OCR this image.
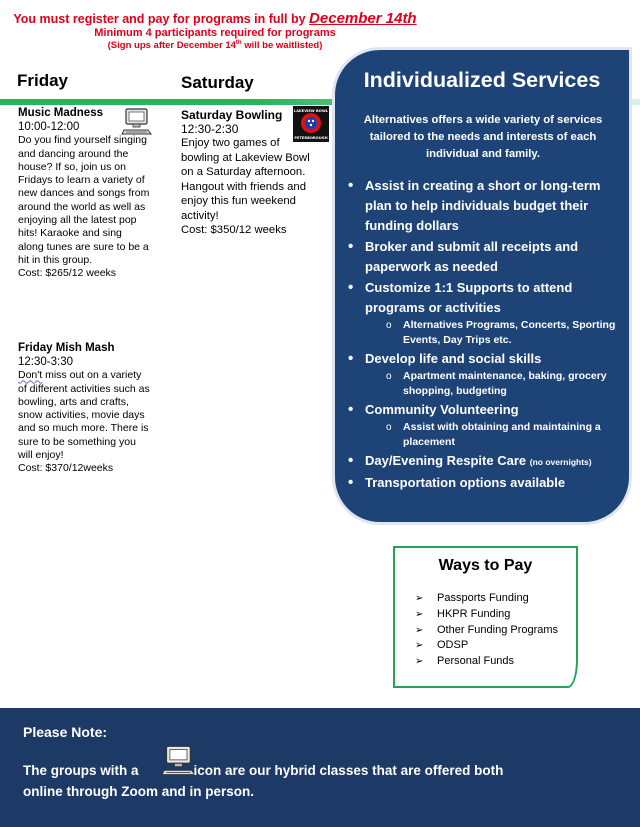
You must register and pay for programs in full by December 14th
Minimum 4 participants required for programs
(Sign ups after December 14th will be waitlisted)
Friday	Saturday
Music Madness
10:00-12:00
Do you find yourself singing and dancing around the house? If so, join us on Fridays to learn a variety of new dances and songs from around the world as well as enjoying all the latest pop hits! Karaoke and sing along tunes are sure to be a hit in this group.
Cost: $265/12 weeks
Saturday Bowling
12:30-2:30
Enjoy two games of bowling at Lakeview Bowl on a Saturday afternoon. Hangout with friends and enjoy this fun weekend activity!
Cost: $350/12 weeks
LAKEVIEW BOWL
PETERBOROUGH
Friday Mish Mash
12:30-3:30
Don't miss out on a variety of different activities such as bowling, arts and crafts, snow activities, movie days and so much more. There is sure to be something you will enjoy!
Cost: $370/12weeks
Individualized Services
Alternatives offers a wide variety of services tailored to the needs and interests of each individual and family.
• Assist in creating a short or long-term plan to help individuals budget their funding dollars
• Broker and submit all receipts and paperwork as needed
• Customize 1:1 Supports to attend programs or activities
o Alternatives Programs, Concerts, Sporting Events, Day Trips etc.
• Develop life and social skills
o Apartment maintenance, baking, grocery shopping, budgeting
• Community Volunteering
o Assist with obtaining and maintaining a placement
• Day/Evening Respite Care (no overnights)
• Transportation options available
Ways to Pay
➢ Passports Funding
➢ HKPR Funding
➢ Other Funding Programs
➢ ODSP
➢ Personal Funds
Please Note:
The groups with a	icon are our hybrid classes that are offered both
online through Zoom and in person.
